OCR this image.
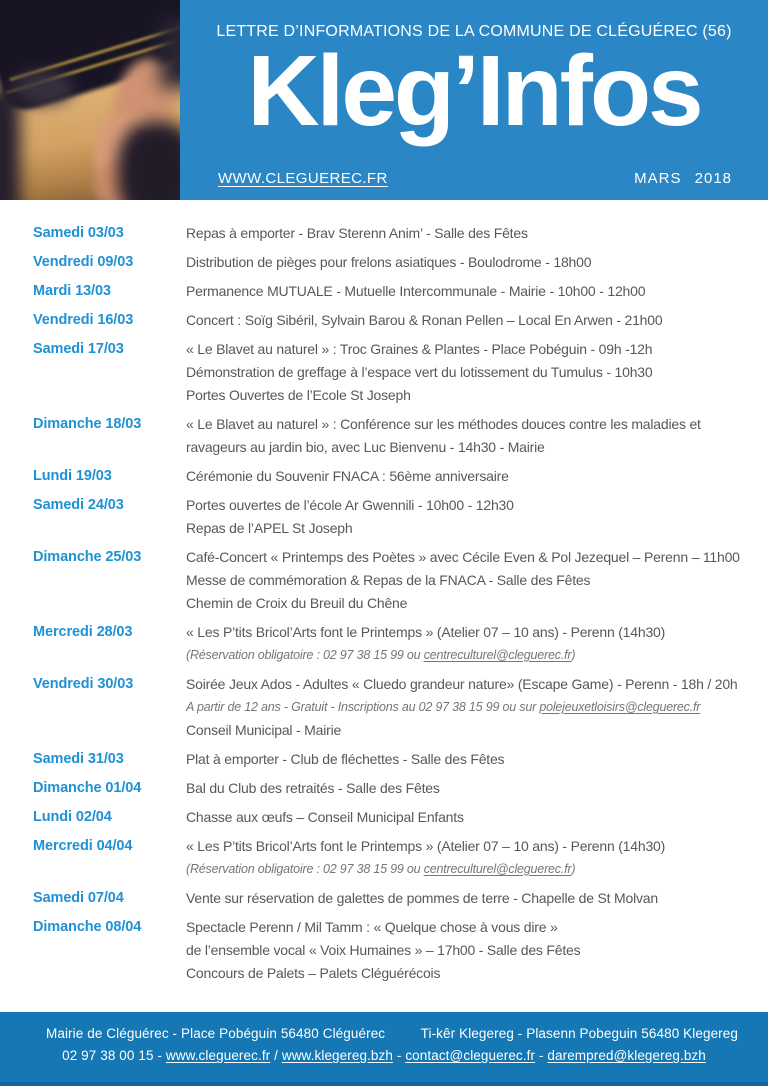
LETTRE D’INFORMATIONS DE LA COMMUNE DE CLÉGUÉREC (56)
Kleg’Infos
WWW.CLEGUEREC.FR	MARS 2018
Samedi 03/03	Repas à emporter - Brav Sterenn Anim’ - Salle des Fêtes
Vendredi 09/03	Distribution de pièges pour frelons asiatiques - Boulodrome - 18h00
Mardi 13/03	Permanence MUTUALE - Mutuelle Intercommunale - Mairie - 10h00 - 12h00
Vendredi 16/03	Concert : Soïg Sibéril, Sylvain Barou & Ronan Pellen – Local En Arwen - 21h00
Samedi 17/03	« Le Blavet au naturel » : Troc Graines & Plantes - Place Pobéguin - 09h -12h
Démonstration de greffage à l’espace vert du lotissement du Tumulus - 10h30
Portes Ouvertes de l’Ecole St Joseph
Dimanche 18/03	« Le Blavet au naturel » : Conférence sur les méthodes douces contre les maladies et
ravageurs au jardin bio, avec Luc Bienvenu - 14h30 - Mairie
Lundi 19/03	Cérémonie du Souvenir FNACA : 56ème anniversaire
Samedi 24/03	Portes ouvertes de l’école Ar Gwennili - 10h00 - 12h30
Repas de l’APEL St Joseph
Dimanche 25/03	Café-Concert « Printemps des Poètes » avec Cécile Even & Pol Jezequel – Perenn – 11h00
Messe de commémoration & Repas de la FNACA - Salle des Fêtes
Chemin de Croix du Breuil du Chêne
Mercredi 28/03	« Les P’tits Bricol’Arts font le Printemps » (Atelier 07 – 10 ans) - Perenn (14h30)
(Réservation obligatoire : 02 97 38 15 99 ou centreculturel@cleguerec.fr)
Vendredi 30/03	Soirée Jeux Ados - Adultes « Cluedo grandeur nature» (Escape Game) - Perenn - 18h / 20h
A partir de 12 ans - Gratuit - Inscriptions au 02 97 38 15 99 ou sur polejeuxetloisirs@cleguerec.fr
Conseil Municipal - Mairie
Samedi 31/03	Plat à emporter - Club de fléchettes - Salle des Fêtes
Dimanche 01/04	Bal du Club des retraités - Salle des Fêtes
Lundi 02/04	Chasse aux œufs – Conseil Municipal Enfants
Mercredi 04/04	« Les P’tits Bricol’Arts font le Printemps » (Atelier 07 – 10 ans) - Perenn (14h30)
(Réservation obligatoire : 02 97 38 15 99 ou centreculturel@cleguerec.fr)
Samedi 07/04	Vente sur réservation de galettes de pommes de terre - Chapelle de St Molvan
Dimanche 08/04	Spectacle Perenn / Mil Tamm : « Quelque chose à vous dire »
de l’ensemble vocal « Voix Humaines » – 17h00 - Salle des Fêtes
Concours de Palets – Palets Cléguérécois
Mairie de Cléguérec - Place Pobéguin 56480 Cléguérec	Ti-kêr Klegereg - Plasenn Pobeguin 56480 Klegereg
02 97 38 00 15 - www.cleguerec.fr / www.klegereg.bzh - contact@cleguerec.fr - darempred@klegereg.bzh
